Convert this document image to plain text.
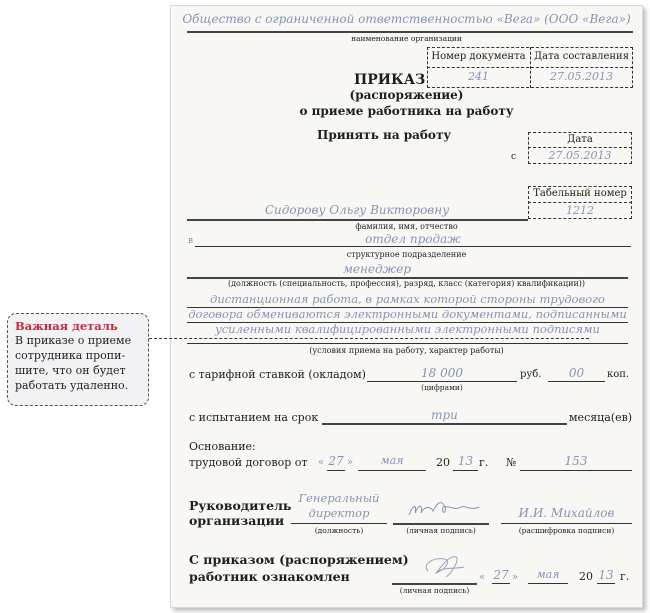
Общество с ограниченной ответственностью «Вега» (ООО «Вега»)
наименование организации
Номер документа Дата составления
241	27.05.2013
ПРИКАЗ
(распоряжение)
о приеме работника на работу
Принять на работу	Дата
27.05.2013
с
Табельный номер
1212
Сидорову Ольгу Викторовну
фамилия, имя, отчество
в	отдел продаж
структурное подразделение
менеджер
(должность (специальность, профессия), разряд, класс (категория) квалификации))
дистанционная работа, в рамках которой стороны трудового
договора обмениваются электронными документами, подписанными
усиленными квалифицированными электронными подписями
(условия приема на работу, характер работы)
с тарифной ставкой (окладом)	18 000
(цифрами)
руб.	00	коп.
с испытанием на срок	три	месяца(ев)
Основание:
трудовой договор от « 27 »	мая	20 13 г. №	153
Руководитель
организации
Генеральный
директор
(должность)	(личная подпись)
И.И. Михайлов
(расшифровка подписи)
С приказом (распоряжением)
работник ознакомлен
(личная подпись)
« 27 »	мая	20 13 г.
Важная деталь
В приказе о приеме
сотрудника пропи-
шите, что он будет
работать удаленно.
